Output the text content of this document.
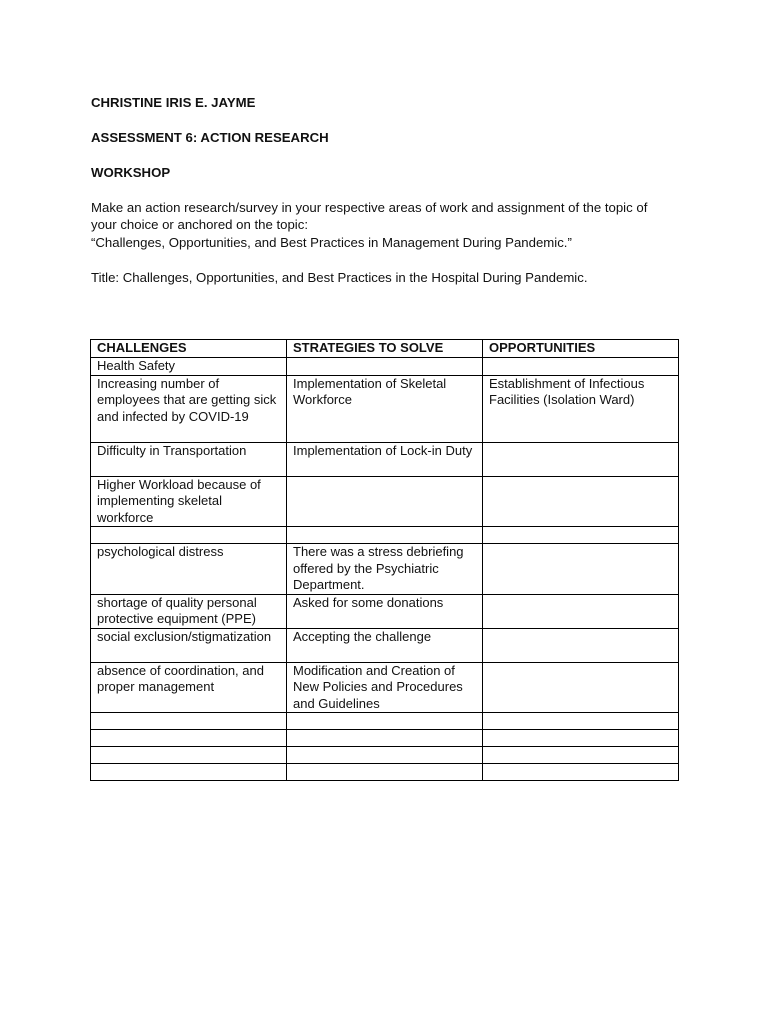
CHRISTINE IRIS E. JAYME
ASSESSMENT 6: ACTION RESEARCH
WORKSHOP
Make an action research/survey in your respective areas of work and assignment of the topic of
your choice or anchored on the topic:
“Challenges, Opportunities, and Best Practices in Management During Pandemic.”
Title: Challenges, Opportunities, and Best Practices in the Hospital During Pandemic.
CHALLENGES	STRATEGIES TO SOLVE	OPPORTUNITIES
Health Safety		
Increasing number of employees that are getting sick and infected by COVID-19	Implementation of Skeletal Workforce	Establishment of Infectious Facilities (Isolation Ward)
Difficulty in Transportation	Implementation of Lock-in Duty	
Higher Workload because of implementing skeletal workforce		

psychological distress	There was a stress debriefing offered by the Psychiatric Department.	
shortage of quality personal protective equipment (PPE)	Asked for some donations	
social exclusion/stigmatization	Accepting the challenge	
absence of coordination, and proper management	Modification and Creation of New Policies and Procedures and Guidelines	
